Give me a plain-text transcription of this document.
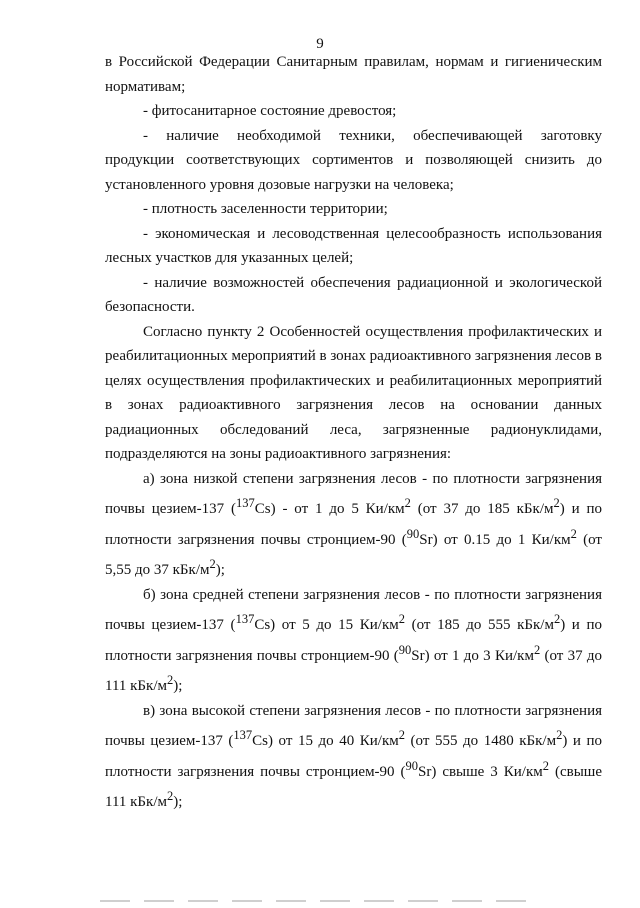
9

в Российской Федерации Санитарным правилам, нормам и гигиеническим нормативам;

- фитосанитарное состояние древостоя;

- наличие необходимой техники, обеспечивающей заготовку продукции соответствующих сортиментов и позволяющей снизить до установленного уровня дозовые нагрузки на человека;

- плотность заселенности территории;

- экономическая и лесоводственная целесообразность использования лесных участков для указанных целей;

- наличие возможностей обеспечения радиационной и экологической безопасности.

Согласно пункту 2 Особенностей осуществления профилактических и реабилитационных мероприятий в зонах радиоактивного загрязнения лесов в целях осуществления профилактических и реабилитационных мероприятий в зонах радиоактивного загрязнения лесов на основании данных радиационных обследований леса, загрязненные радионуклидами, подразделяются на зоны радиоактивного загрязнения:

а) зона низкой степени загрязнения лесов - по плотности загрязнения почвы цезием-137 ($^{137}$Cs) - от 1 до 5 $Ки/км^2$ (от 37 до 185 кБк/$м^2$) и по плотности загрязнения почвы стронцием-90 ($^{90}$Sr) от 0.15 до 1 $Ки/км^2$ (от 5,55 до 37 кБк/$м^2$);

б) зона средней степени загрязнения лесов - по плотности загрязнения почвы цезием-137 ($^{137}$Cs) от 5 до 15 $Ки/км^2$ (от 185 до 555 кБк/$м^2$) и по плотности загрязнения почвы стронцием-90 ($^{90}$Sr) от 1 до 3 $Ки/км^2$ (от 37 до 111 кБк/$м^2$);

в) зона высокой степени загрязнения лесов - по плотности загрязнения почвы цезием-137 ($^{137}$Cs) от 15 до 40 $Ки/км^2$ (от 555 до 1480 кБк/$м^2$) и по плотности загрязнения почвы стронцием-90 ($^{90}$Sr) свыше 3 $Ки/км^2$ (свыше 111 кБк/$м^2$);
